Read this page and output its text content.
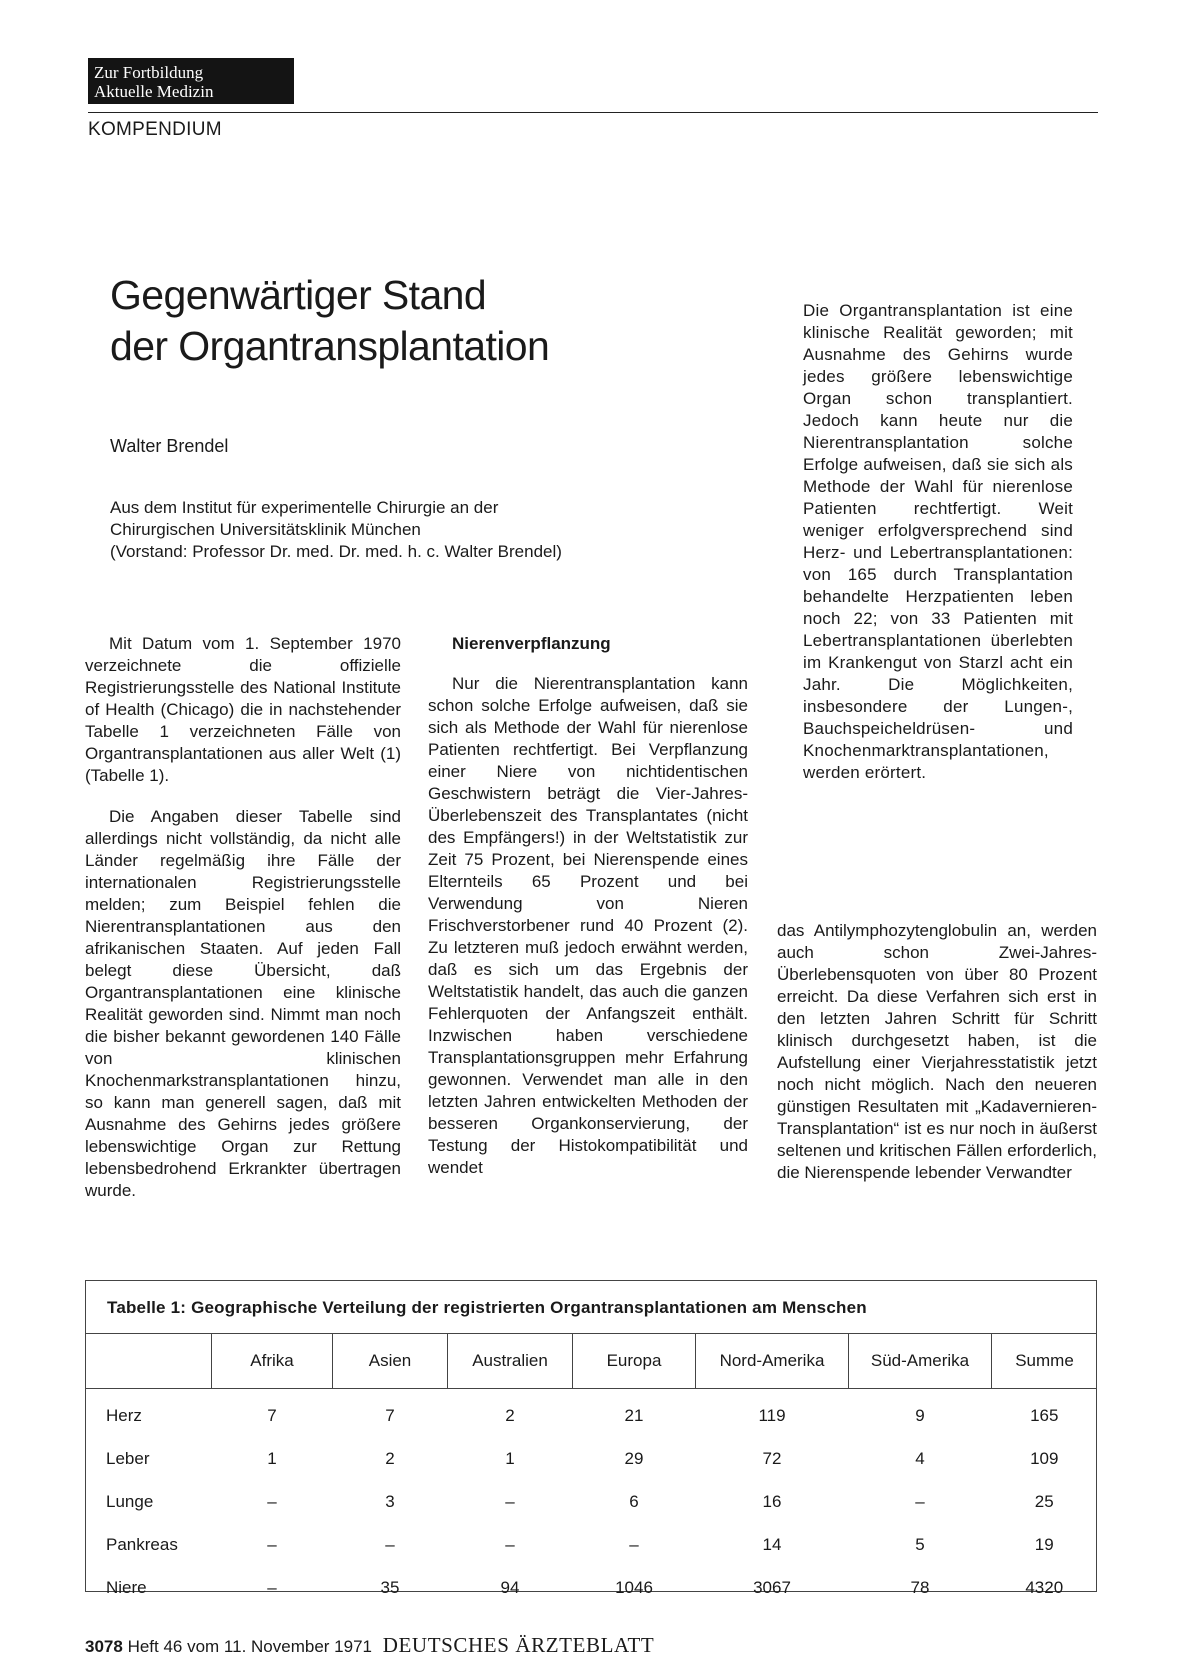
Zur Fortbildung
Aktuelle Medizin
KOMPENDIUM
Gegenwärtiger Stand
der Organtransplantation
Walter Brendel
Aus dem Institut für experimentelle Chirurgie an der
Chirurgischen Universitätsklinik München
(Vorstand: Professor Dr. med. Dr. med. h. c. Walter Brendel)
Die Organtransplantation ist eine klinische Realität geworden; mit Ausnahme des Gehirns wurde jedes größere lebenswichtige Organ schon transplantiert. Jedoch kann heute nur die Nierentransplantation solche Erfolge aufweisen, daß sie sich als Methode der Wahl für nierenlose Patienten rechtfertigt. Weit weniger erfolgversprechend sind Herz- und Lebertransplantationen: von 165 durch Transplantation behandelte Herzpatienten leben noch 22; von 33 Patienten mit Lebertransplantationen überlebten im Krankengut von Starzl acht ein Jahr. Die Möglichkeiten, insbesondere der Lungen-, Bauchspeicheldrüsen- und Knochenmarktransplantationen, werden erörtert.

Mit Datum vom 1. September 1970 verzeichnete die offizielle Registrierungsstelle des National Institute of Health (Chicago) die in nachstehender Tabelle 1 verzeichneten Fälle von Organtransplantationen aus aller Welt (1) (Tabelle 1).

Die Angaben dieser Tabelle sind allerdings nicht vollständig, da nicht alle Länder regelmäßig ihre Fälle der internationalen Registrierungsstelle melden; zum Beispiel fehlen die Nierentransplantationen aus den afrikanischen Staaten. Auf jeden Fall belegt diese Übersicht, daß Organtransplantationen eine klinische Realität geworden sind. Nimmt man noch die bisher bekannt gewordenen 140 Fälle von klinischen Knochenmarkstransplantationen hinzu, so kann man generell sagen, daß mit Ausnahme des Gehirns jedes größere lebenswichtige Organ zur Rettung lebensbedrohend Erkrankter übertragen wurde.

Nierenverpflanzung

Nur die Nierentransplantation kann schon solche Erfolge aufweisen, daß sie sich als Methode der Wahl für nierenlose Patienten rechtfertigt. Bei Verpflanzung einer Niere von nichtidentischen Geschwistern beträgt die Vier-Jahres-Überlebenszeit des Transplantates (nicht des Empfängers!) in der Weltstatistik zur Zeit 75 Prozent, bei Nierenspende eines Elternteils 65 Prozent und bei Verwendung von Nieren Frischverstorbener rund 40 Prozent (2). Zu letzteren muß jedoch erwähnt werden, daß es sich um das Ergebnis der Weltstatistik handelt, das auch die ganzen Fehlerquoten der Anfangszeit enthält. Inzwischen haben verschiedene Transplantationsgruppen mehr Erfahrung gewonnen. Verwendet man alle in den letzten Jahren entwickelten Methoden der besseren Organkonservierung, der Testung der Histokompatibilität und wendet

das Antilymphozytenglobulin an, werden auch schon Zwei-Jahres-Überlebensquoten von über 80 Prozent erreicht. Da diese Verfahren sich erst in den letzten Jahren Schritt für Schritt klinisch durchgesetzt haben, ist die Aufstellung einer Vierjahresstatistik jetzt noch nicht möglich. Nach den neueren günstigen Resultaten mit „Kadavernieren-Transplantation“ ist es nur noch in äußerst seltenen und kritischen Fällen erforderlich, die Nierenspende lebender Verwandter

Tabelle 1: Geographische Verteilung der registrierten Organtransplantationen am Menschen
	Afrika	Asien	Australien	Europa	Nord-Amerika	Süd-Amerika	Summe
Herz	7	7	2	21	119	9	165
Leber	1	2	1	29	72	4	109
Lunge	–	3	–	6	16	–	25
Pankreas	–	–	–	–	14	5	19
Niere	–	35	94	1046	3067	78	4320
3078 Heft 46 vom 11. November 1971 DEUTSCHES ÄRZTEBLATT
